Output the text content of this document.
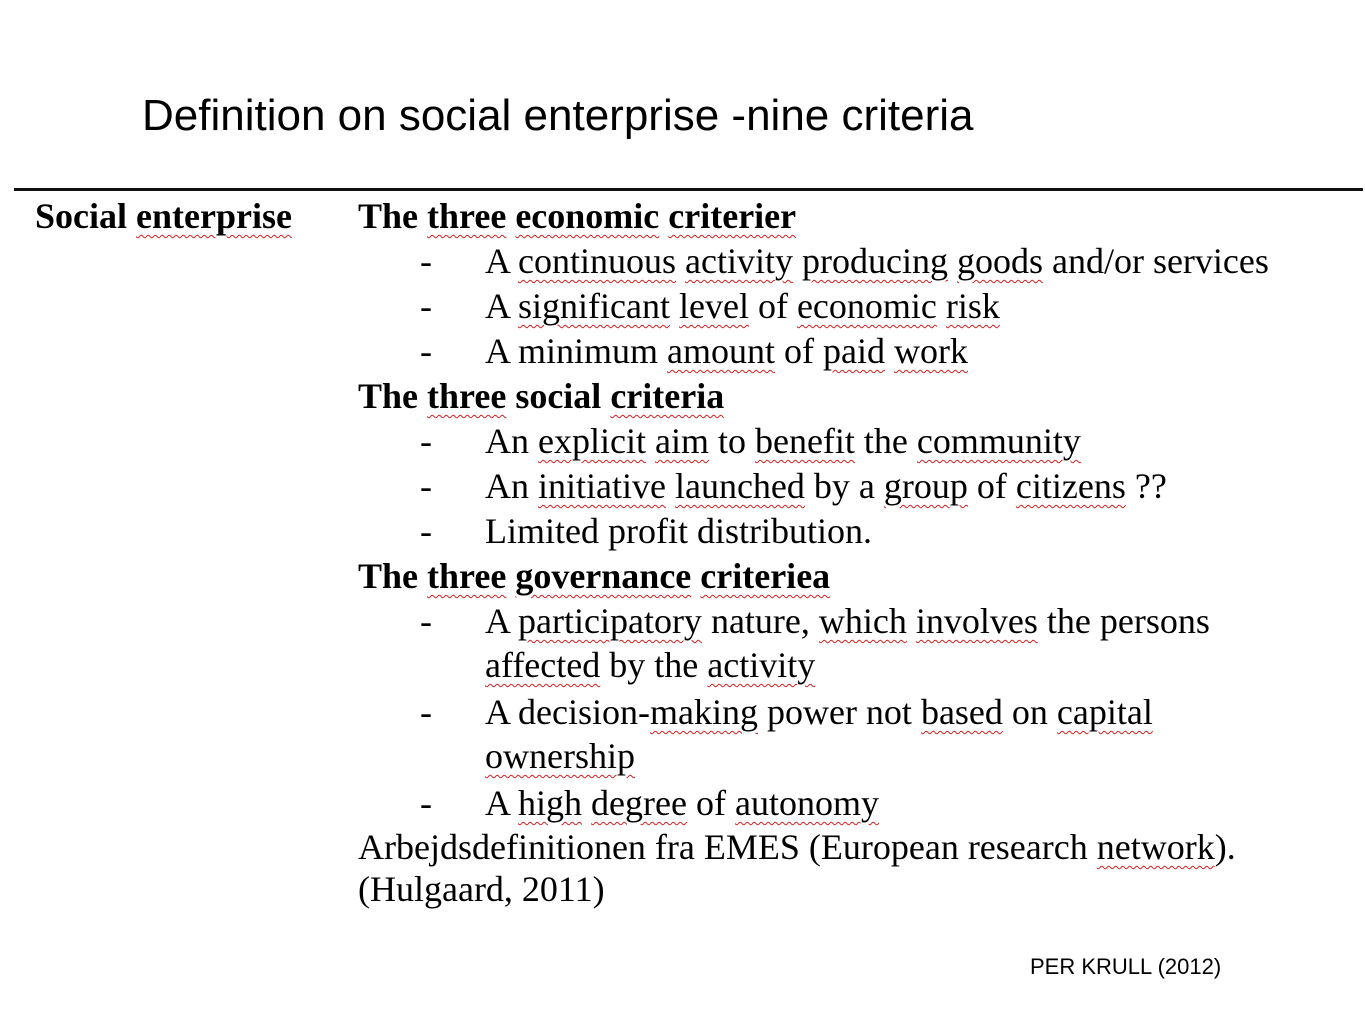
Definition on social enterprise -nine criteria
Social enterprise The three economic criterier
- A continuous activity producing goods and/or services
- A significant level of economic risk
- A minimum amount of paid work
The three social criteria
- An explicit aim to benefit the community
- An initiative launched by a group of citizens ??
- Limited profit distribution.
The three governance criteriea
- A participatory nature, which involves the persons affected by the activity
- A decision-making power not based on capital ownership
- A high degree of autonomy
Arbejdsdefinitionen fra EMES (European research network).
(Hulgaard, 2011)
PER KRULL (2012)
